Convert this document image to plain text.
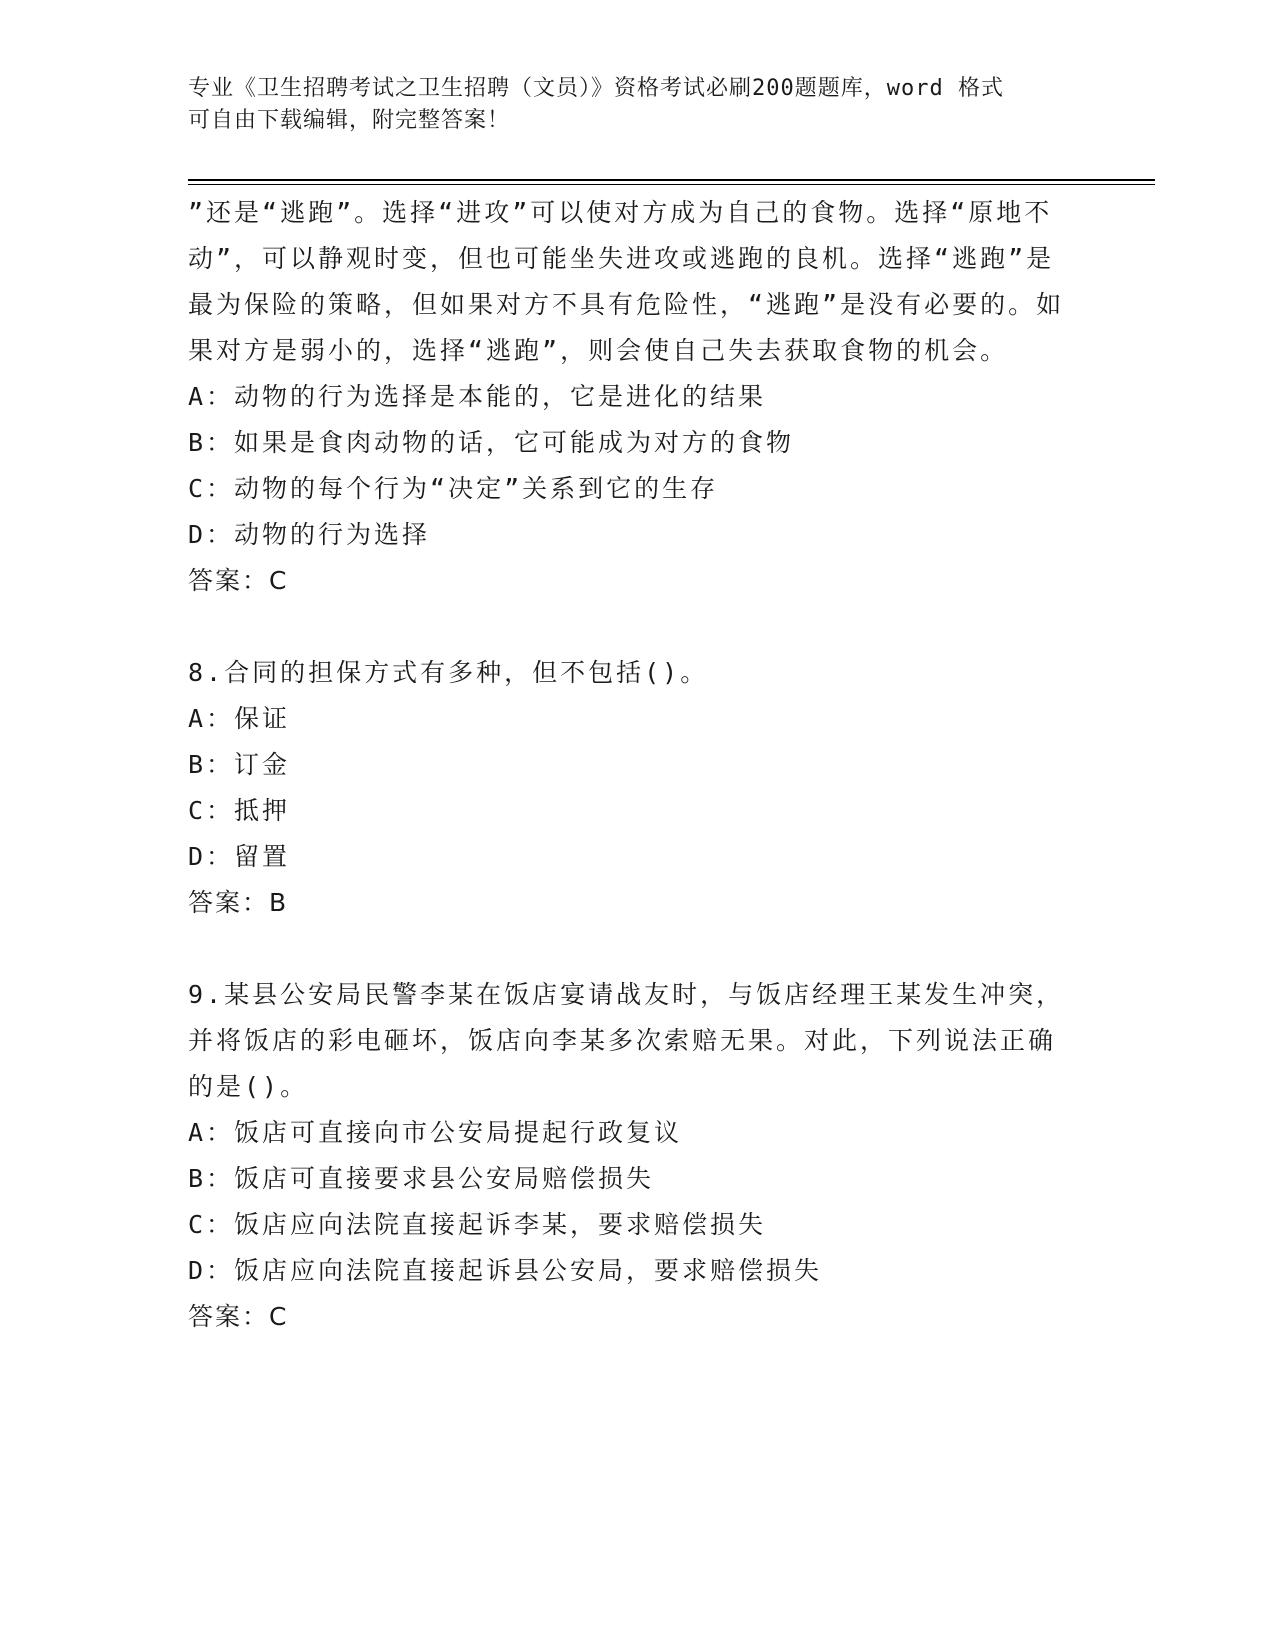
专业《卫生招聘考试之卫生招聘（文员）》资格考试必刷200题题库，word 格式
可自由下载编辑，附完整答案！

”还是“逃跑”。选择“进攻”可以使对方成为自己的食物。选择“原地不动”，可以静观时变，但也可能坐失进攻或逃跑的良机。选择“逃跑”是最为保险的策略，但如果对方不具有危险性，“逃跑”是没有必要的。如果对方是弱小的，选择“逃跑”，则会使自己失去获取食物的机会。

A：动物的行为选择是本能的，它是进化的结果

B：如果是食肉动物的话，它可能成为对方的食物

C：动物的每个行为“决定”关系到它的生存

D：动物的行为选择

答案：C

8.合同的担保方式有多种，但不包括()。

A：保证

B：订金

C：抵押

D：留置

答案：B

9.某县公安局民警李某在饭店宴请战友时，与饭店经理王某发生冲突，并将饭店的彩电砸坏，饭店向李某多次索赔无果。对此，下列说法正确的是()。

A：饭店可直接向市公安局提起行政复议

B：饭店可直接要求县公安局赔偿损失

C：饭店应向法院直接起诉李某，要求赔偿损失

D：饭店应向法院直接起诉县公安局，要求赔偿损失

答案：C
